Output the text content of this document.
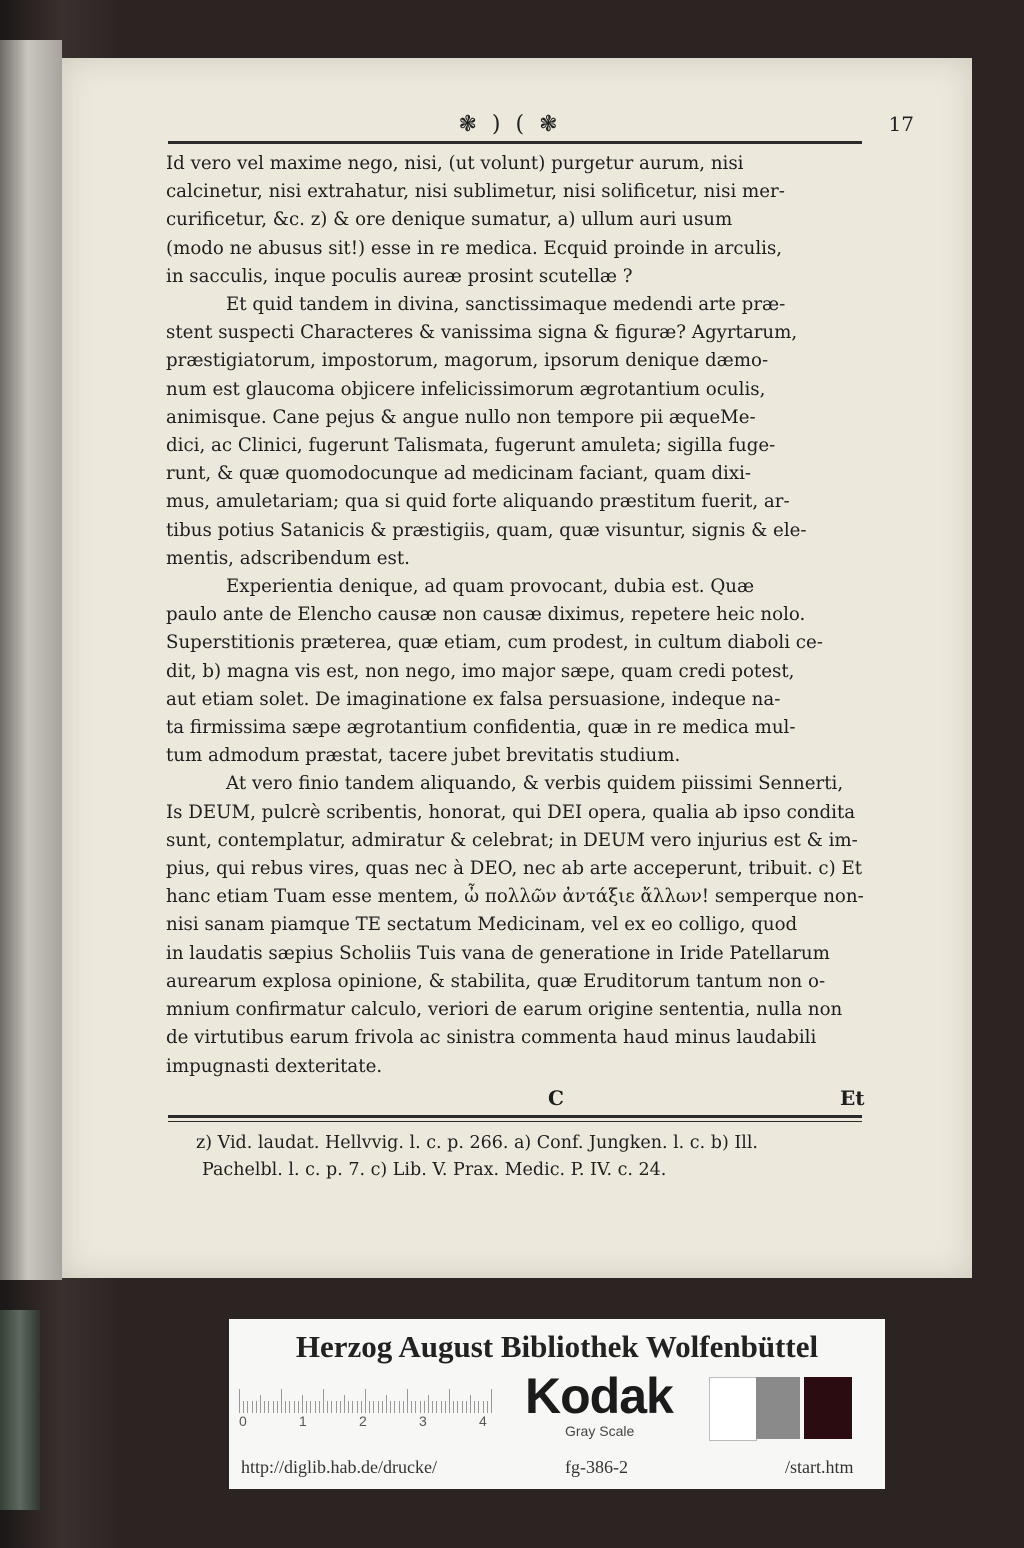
❃ ) ( ❃	17
Id vero vel maxime nego, nisi, (ut volunt) purgetur aurum, nisi
calcinetur, nisi extrahatur, nisi sublimetur, nisi solificetur, nisi mer-
curificetur, &c. z) & ore denique sumatur, a) ullum auri usum
(modo ne abusus sit!) esse in re medica. Ecquid proinde in arculis,
in sacculis, inque poculis aureæ prosint scutellæ ?
Et quid tandem in divina, sanctissimaque medendi arte præ-
stent suspecti Characteres & vanissima signa & figuræ? Agyrtarum,
præstigiatorum, impostorum, magorum, ipsorum denique dæmo-
num est glaucoma objicere infelicissimorum ægrotantium oculis,
animisque. Cane pejus & angue nullo non tempore pii æqueMe-
dici, ac Clinici, fugerunt Talismata, fugerunt amuleta; sigilla fuge-
runt, & quæ quomodocunque ad medicinam faciant, quam dixi-
mus, amuletariam; qua si quid forte aliquando præstitum fuerit, ar-
tibus potius Satanicis & præstigiis, quam, quæ visuntur, signis & ele-
mentis, adscribendum est.
Experientia denique, ad quam provocant, dubia est. Quæ
paulo ante de Elencho causæ non causæ diximus, repetere heic nolo.
Superstitionis præterea, quæ etiam, cum prodest, in cultum diaboli ce-
dit, b) magna vis est, non nego, imo major sæpe, quam credi potest,
aut etiam solet. De imaginatione ex falsa persuasione, indeque na-
ta firmissima sæpe ægrotantium confidentia, quæ in re medica mul-
tum admodum præstat, tacere jubet brevitatis studium.
At vero finio tandem aliquando, & verbis quidem piissimi Sennerti,
Is DEUM, pulcrè scribentis, honorat, qui DEI opera, qualia ab ipso condita
sunt, contemplatur, admiratur & celebrat; in DEUM vero injurius est & im-
pius, qui rebus vires, quas nec à DEO, nec ab arte acceperunt, tribuit. c) Et
hanc etiam Tuam esse mentem, ὦ πολλῶν ἀντάξιε ἄλλων! semperque non-
nisi sanam piamque TE sectatum Medicinam, vel ex eo colligo, quod
in laudatis sæpius Scholiis Tuis vana de generatione in Iride Patellarum
aurearum explosa opinione, & stabilita, quæ Eruditorum tantum non o-
mnium confirmatur calculo, veriori de earum origine sententia, nulla non
de virtutibus earum frivola ac sinistra commenta haud minus laudabili
impugnasti dexteritate.
C	Et

z) Vid. laudat. Hellvvig. l. c. p. 266. a) Conf. Jungken. l. c. b) Ill.

Pachelbl. l. c. p. 7. c) Lib. V. Prax. Medic. P. IV. c. 24.

Herzog August Bibliothek Wolfenbüttel
0	1	2	3	4 Kodak
Gray Scale
http://diglib.hab.de/drucke/	fg-386-2	/start.htm
